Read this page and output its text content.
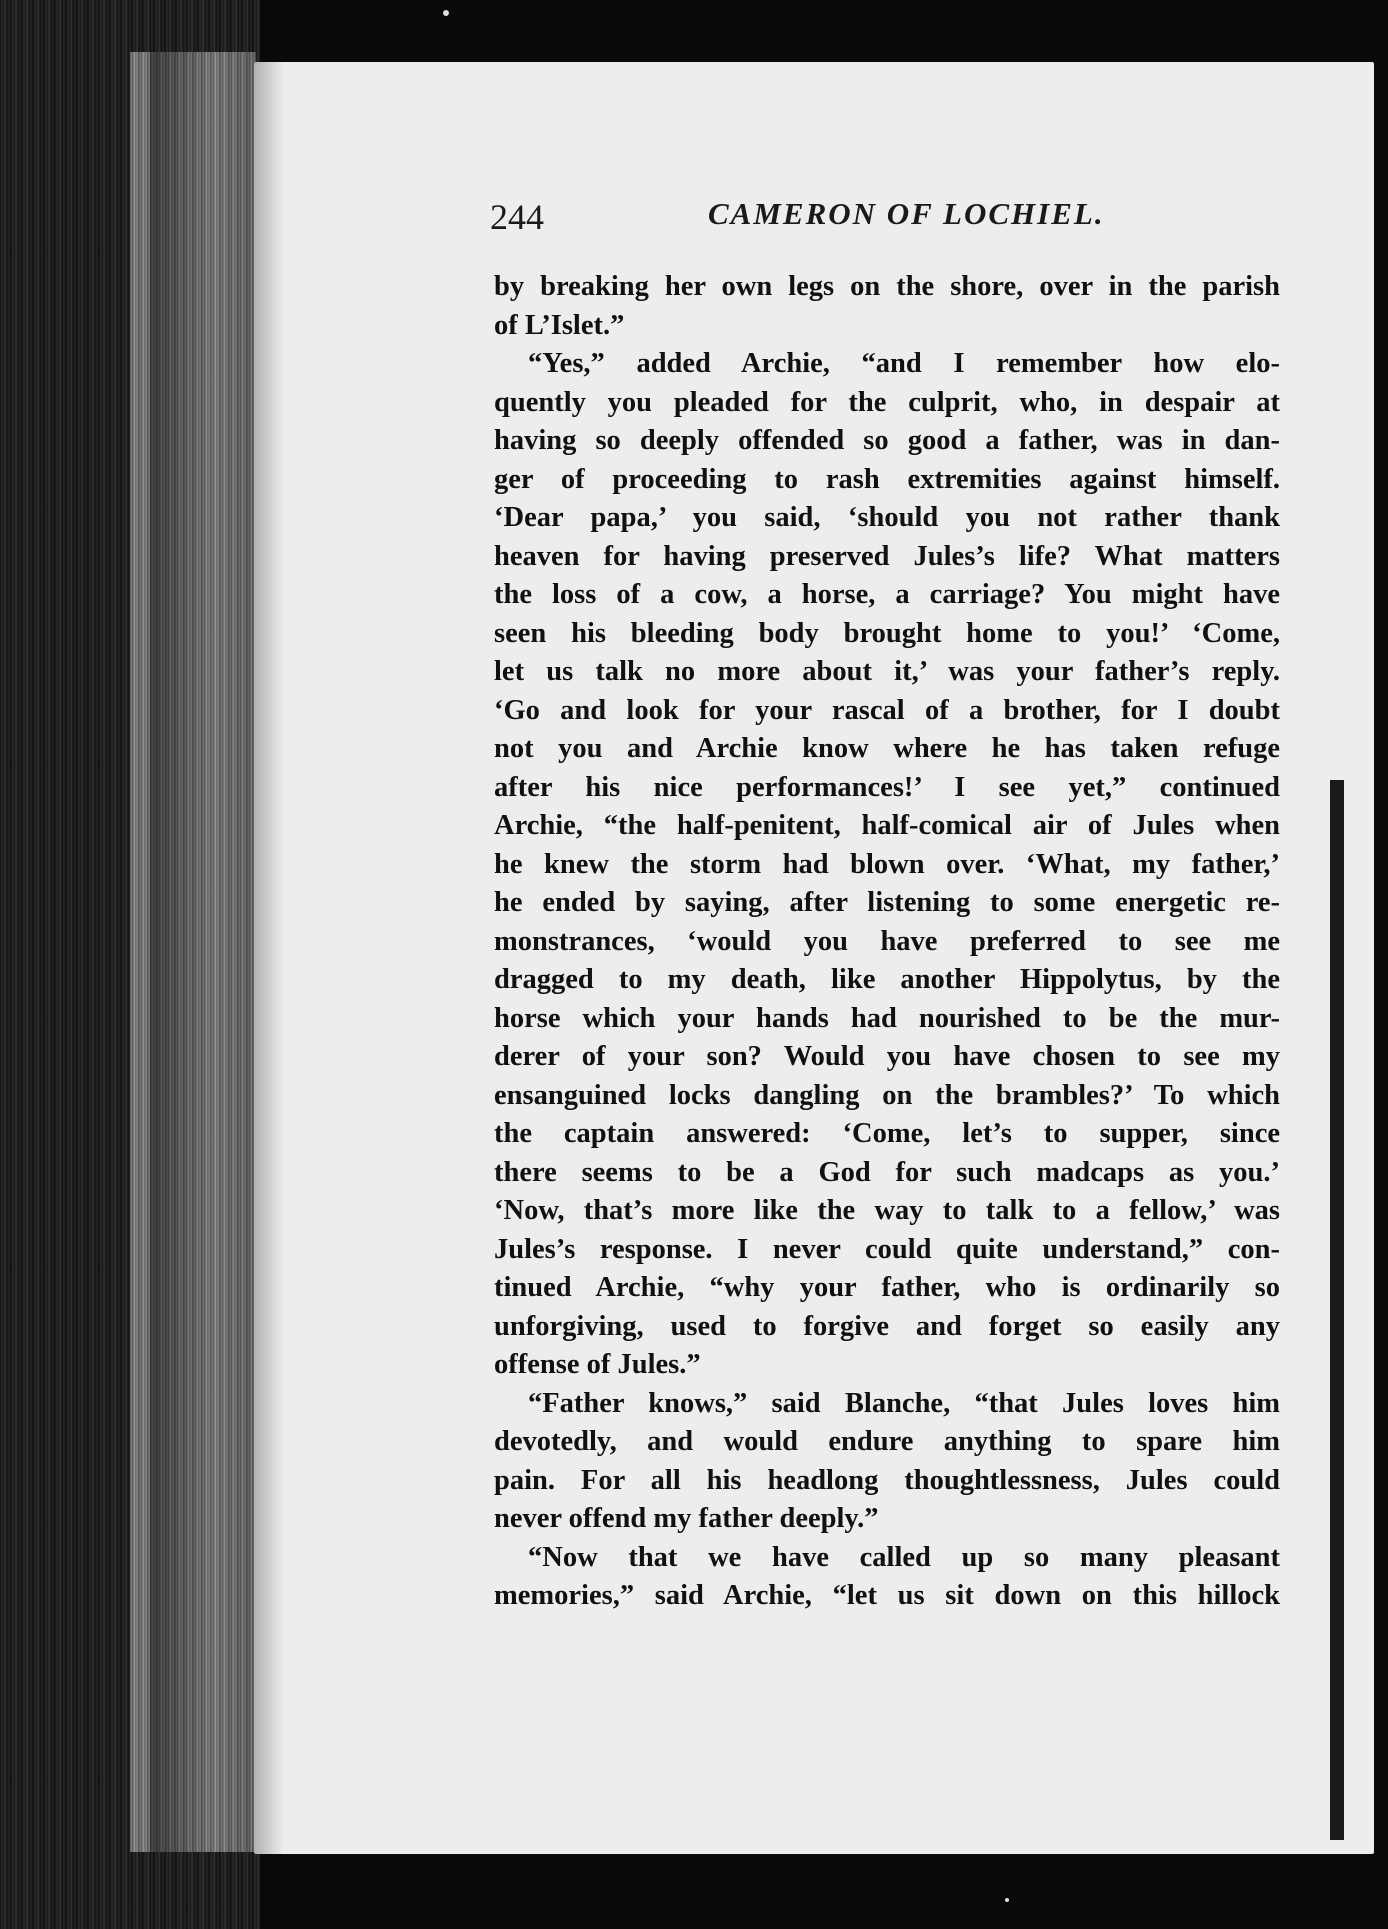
244	CAMERON OF LOCHIEL.
by breaking her own legs on the shore, over in the parish
of L’Islet.”
“Yes,” added Archie, “and I remember how elo-
quently you pleaded for the culprit, who, in despair at
having so deeply offended so good a father, was in dan-
ger of proceeding to rash extremities against himself.
‘Dear papa,’ you said, ‘should you not rather thank
heaven for having preserved Jules’s life? What matters
the loss of a cow, a horse, a carriage? You might have
seen his bleeding body brought home to you!’ ‘Come,
let us talk no more about it,’ was your father’s reply.
‘Go and look for your rascal of a brother, for I doubt
not you and Archie know where he has taken refuge
after his nice performances!’ I see yet,” continued
Archie, “the half-penitent, half-comical air of Jules when
he knew the storm had blown over. ‘What, my father,’
he ended by saying, after listening to some energetic re-
monstrances, ‘would you have preferred to see me
dragged to my death, like another Hippolytus, by the
horse which your hands had nourished to be the mur-
derer of your son? Would you have chosen to see my
ensanguined locks dangling on the brambles?’ To which
the captain answered: ‘Come, let’s to supper, since
there seems to be a God for such madcaps as you.’
‘Now, that’s more like the way to talk to a fellow,’ was
Jules’s response. I never could quite understand,” con-
tinued Archie, “why your father, who is ordinarily so
unforgiving, used to forgive and forget so easily any
offense of Jules.”
“Father knows,” said Blanche, “that Jules loves him
devotedly, and would endure anything to spare him
pain. For all his headlong thoughtlessness, Jules could
never offend my father deeply.”
“Now that we have called up so many pleasant
memories,” said Archie, “let us sit down on this hillock
